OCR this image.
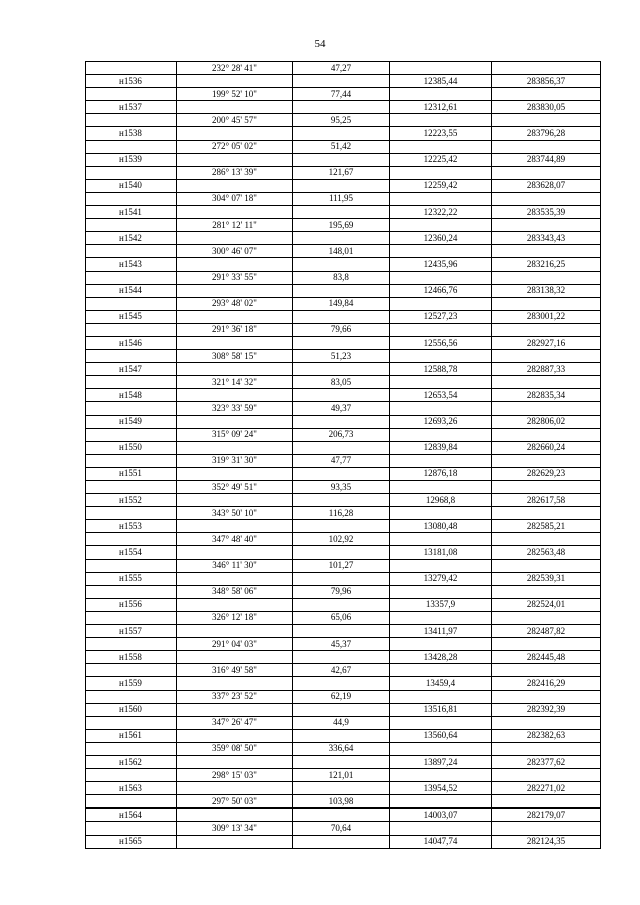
54
	232° 28' 41"	47,27		
н1536			12385,44	283856,37
	199° 52' 10"	77,44		
н1537			12312,61	283830,05
	200° 45' 57"	95,25		
н1538			12223,55	283796,28
	272° 05' 02"	51,42		
н1539			12225,42	283744,89
	286° 13' 39"	121,67		
н1540			12259,42	283628,07
	304° 07' 18"	111,95		
н1541			12322,22	283535,39
	281° 12' 11"	195,69		
н1542			12360,24	283343,43
	300° 46' 07"	148,01		
н1543			12435,96	283216,25
	291° 33' 55"	83,8		
н1544			12466,76	283138,32
	293° 48' 02"	149,84		
н1545			12527,23	283001,22
	291° 36' 18"	79,66		
н1546			12556,56	282927,16
	308° 58' 15"	51,23		
н1547			12588,78	282887,33
	321° 14' 32"	83,05		
н1548			12653,54	282835,34
	323° 33' 59"	49,37		
н1549			12693,26	282806,02
	315° 09' 24"	206,73		
н1550			12839,84	282660,24
	319° 31' 30"	47,77		
н1551			12876,18	282629,23
	352° 49' 51"	93,35		
н1552			12968,8	282617,58
	343° 50' 10"	116,28		
н1553			13080,48	282585,21
	347° 48' 40"	102,92		
н1554			13181,08	282563,48
	346° 11' 30"	101,27		
н1555			13279,42	282539,31
	348° 58' 06"	79,96		
н1556			13357,9	282524,01
	326° 12' 18"	65,06		
н1557			13411,97	282487,82
	291° 04' 03"	45,37		
н1558			13428,28	282445,48
	316° 49' 58"	42,67		
н1559			13459,4	282416,29
	337° 23' 52"	62,19		
н1560			13516,81	282392,39
	347° 26' 47"	44,9		
н1561			13560,64	282382,63
	359° 08' 50"	336,64		
н1562			13897,24	282377,62
	298° 15' 03"	121,01		
н1563			13954,52	282271,02
	297° 50' 03"	103,98		
н1564			14003,07	282179,07
	309° 13' 34"	70,64		
н1565			14047,74	282124,35
